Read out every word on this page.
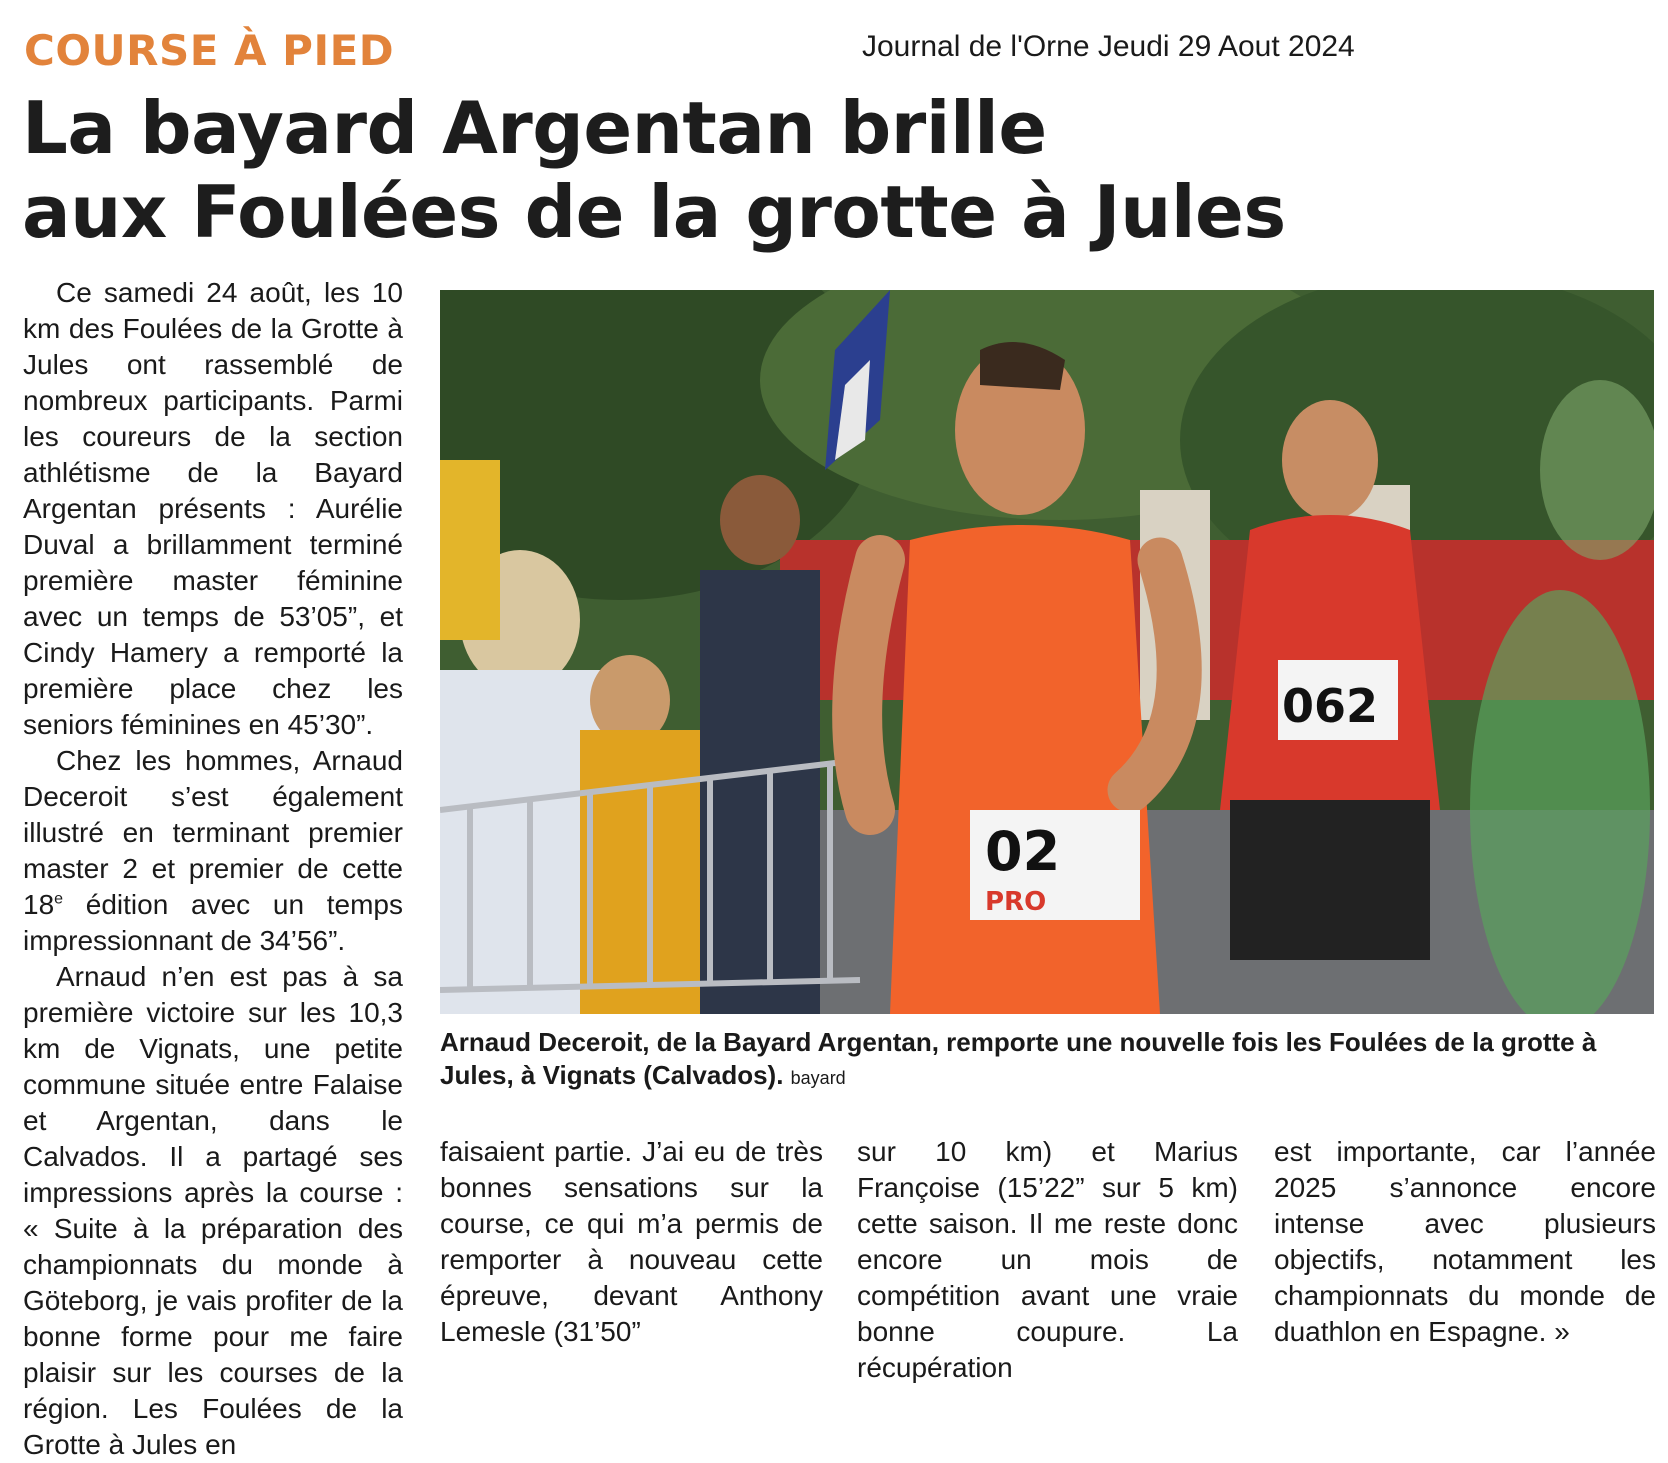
COURSE À PIED	Journal de l'Orne Jeudi 29 Aout 2024
La bayard Argentan brille
aux Foulées de la grotte à Jules

Ce samedi 24 août, les 10 km des Foulées de la Grotte à Jules ont rassemblé de nombreux participants. Parmi les coureurs de la section athlétisme de la Bayard Argentan présents : Aurélie Duval a brillamment terminé première master féminine avec un temps de 53’05”, et Cindy Hamery a remporté la première place chez les seniors féminines en 45’30”.

Chez les hommes, Arnaud Deceroit s’est également illustré en terminant premier master 2 et premier de cette 18e édition avec un temps impressionnant de 34’56”.

Arnaud n’en est pas à sa première victoire sur les 10,3 km de Vignats, une petite commune située entre Falaise et Argentan, dans le Calvados. Il a partagé ses impressions après la course : « Suite à la préparation des championnats du monde à Göteborg, je vais profiter de la bonne forme pour me faire plaisir sur les courses de la région. Les Foulées de la Grotte à Jules en

062
02
PRO
Arnaud Deceroit, de la Bayard Argentan, remporte une nouvelle fois les Foulées de la grotte à Jules, à Vignats (Calvados). bayard

faisaient partie. J’ai eu de très bonnes sensations sur la course, ce qui m’a permis de remporter à nouveau cette épreuve, devant Anthony Lemesle (31’50”

sur 10 km) et Marius Françoise (15’22” sur 5 km) cette saison. Il me reste donc encore un mois de compétition avant une vraie bonne coupure. La récupération

est importante, car l’année 2025 s’annonce encore intense avec plusieurs objectifs, notamment les championnats du monde de duathlon en Espagne. »
